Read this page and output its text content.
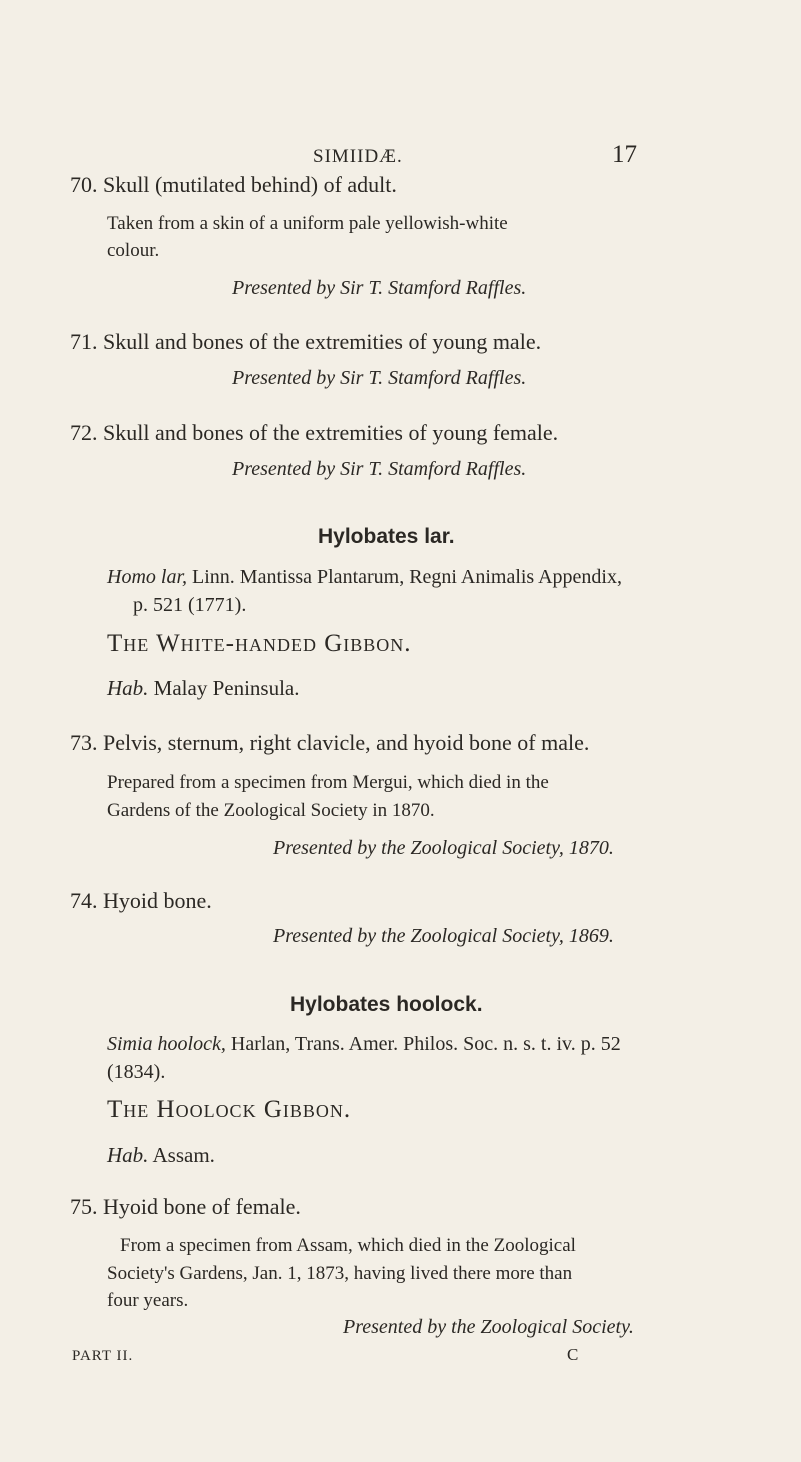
SIMIIDÆ.	17
70. Skull (mutilated behind) of adult.
Taken from a skin of a uniform pale yellowish-white
colour.
Presented by Sir T. Stamford Raffles.
71. Skull and bones of the extremities of young male.
Presented by Sir T. Stamford Raffles.
72. Skull and bones of the extremities of young female.
Presented by Sir T. Stamford Raffles.
Hylobates lar.
Homo lar, Linn. Mantissa Plantarum, Regni Animalis Appendix,
p. 521 (1771).
The White-handed Gibbon.
Hab. Malay Peninsula.
73. Pelvis, sternum, right clavicle, and hyoid bone of male.
Prepared from a specimen from Mergui, which died in the
Gardens of the Zoological Society in 1870.
Presented by the Zoological Society, 1870.
74. Hyoid bone.
Presented by the Zoological Society, 1869.
Hylobates hoolock.
Simia hoolock, Harlan, Trans. Amer. Philos. Soc. n. s. t. iv. p. 52
(1834).
The Hoolock Gibbon.
Hab. Assam.
75. Hyoid bone of female.
From a specimen from Assam, which died in the Zoological
Society's Gardens, Jan. 1, 1873, having lived there more than
four years.
Presented by the Zoological Society.
PART II.	C
